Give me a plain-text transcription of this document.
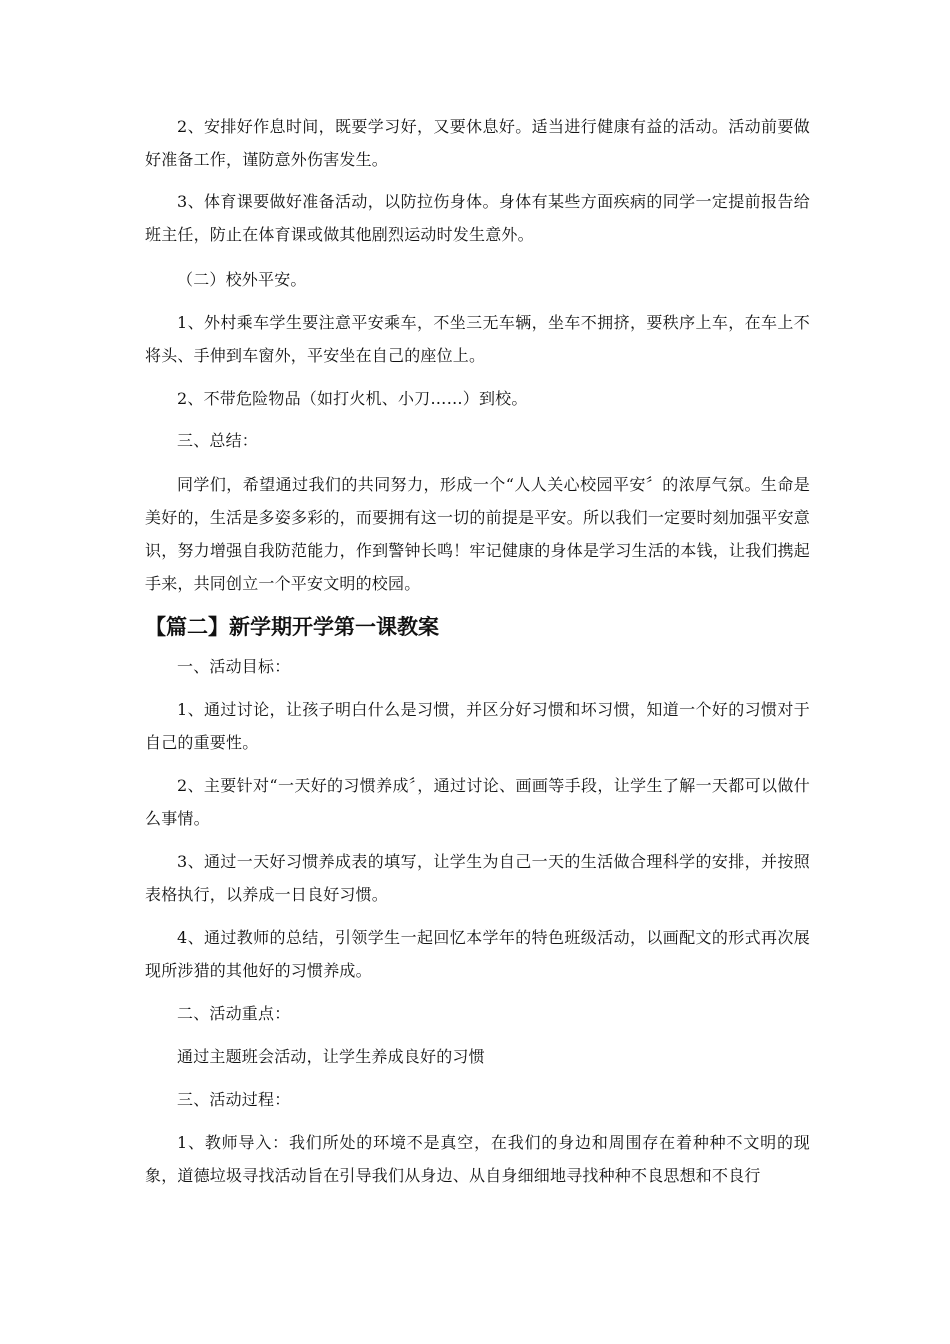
2、安排好作息时间，既要学习好，又要休息好。适当进行健康有益的活动。活动前要做好准备工作，谨防意外伤害发生。

3、体育课要做好准备活动，以防拉伤身体。身体有某些方面疾病的同学一定提前报告给班主任，防止在体育课或做其他剧烈运动时发生意外。

（二）校外平安。

1、外村乘车学生要注意平安乘车，不坐三无车辆，坐车不拥挤，要秩序上车，在车上不将头、手伸到车窗外，平安坐在自己的座位上。

2、不带危险物品（如打火机、小刀……）到校。

三、总结：

同学们，希望通过我们的共同努力，形成一个“人人关心校园平安〞的浓厚气氛。生命是美好的，生活是多姿多彩的，而要拥有这一切的前提是平安。所以我们一定要时刻加强平安意识，努力增强自我防范能力，作到警钟长鸣！牢记健康的身体是学习生活的本钱，让我们携起手来，共同创立一个平安文明的校园。

【篇二】新学期开学第一课教案

一、活动目标：

1、通过讨论，让孩子明白什么是习惯，并区分好习惯和坏习惯，知道一个好的习惯对于自己的重要性。

2、主要针对“一天好的习惯养成〞，通过讨论、画画等手段，让学生了解一天都可以做什么事情。

3、通过一天好习惯养成表的填写，让学生为自己一天的生活做合理科学的安排，并按照表格执行，以养成一日良好习惯。

4、通过教师的总结，引领学生一起回忆本学年的特色班级活动，以画配文的形式再次展现所涉猎的其他好的习惯养成。

二、活动重点：

通过主题班会活动，让学生养成良好的习惯

三、活动过程：

1、教师导入：我们所处的环境不是真空，在我们的身边和周围存在着种种不文明的现象，道德垃圾寻找活动旨在引导我们从身边、从自身细细地寻找种种不良思想和不良行
